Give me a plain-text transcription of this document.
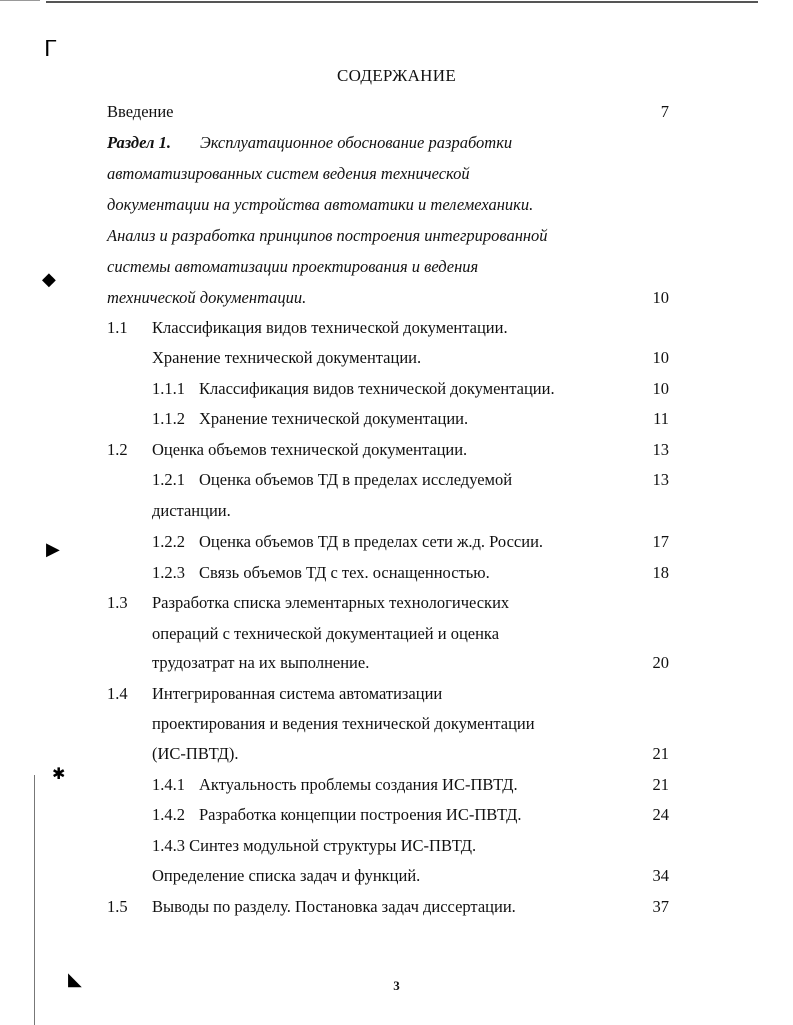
ᒥ
◆
▶
✱
◣
СОДЕРЖАНИЕ
Введение	7
Раздел 1. Эксплуатационное обоснование разработки
автоматизированных систем ведения технической
документации на устройства автоматики и телемеханики.
Анализ и разработка принципов построения интегрированной
системы автоматизации проектирования и ведения
технической документации.	10
1.1 Классификация видов технической документации.
Хранение технической документации.	10
1.1.1 Классификация видов технической документации.	10
1.1.2 Хранение технической документации.	11
1.2 Оценка объемов технической документации.	13
1.2.1 Оценка объемов ТД в пределах исследуемой	13
дистанции.
1.2.2 Оценка объемов ТД в пределах сети ж.д. России.	17
1.2.3 Связь объемов ТД с тех. оснащенностью.	18
1.3 Разработка списка элементарных технологических
операций с технической документацией и оценка
трудозатрат на их выполнение.	20
1.4 Интегрированная система автоматизации
проектирования и ведения технической документации
(ИС-ПВТД).	21
1.4.1 Актуальность проблемы создания ИС-ПВТД.	21
1.4.2 Разработка концепции построения ИС-ПВТД.	24
1.4.3 Синтез модульной структуры ИС-ПВТД.
Определение списка задач и функций.	34
1.5 Выводы по разделу. Постановка задач диссертации.	37
3
